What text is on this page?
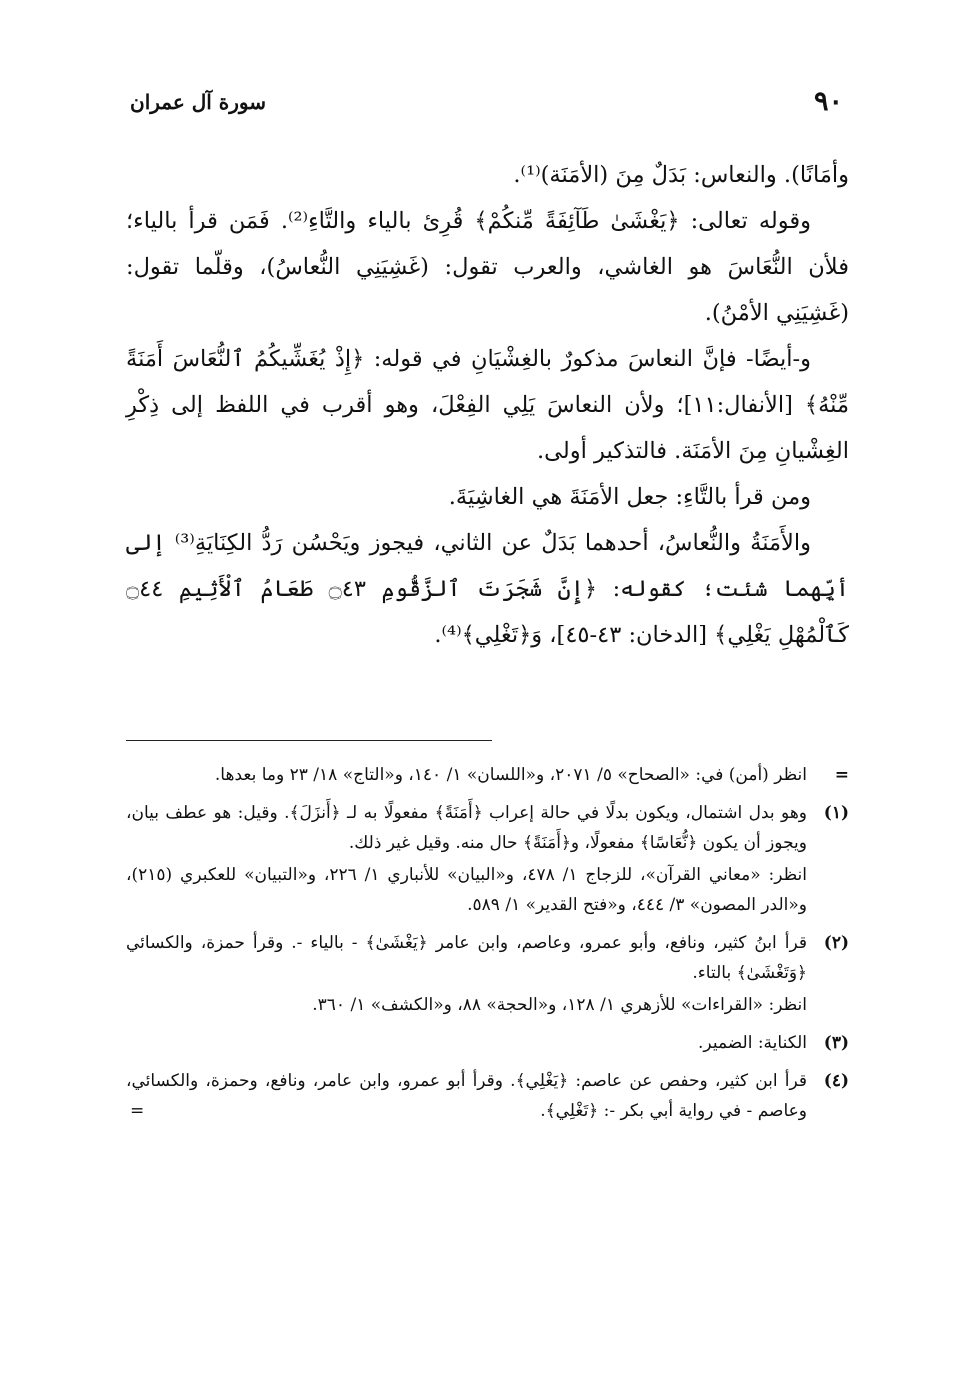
٩٠
سورة آل عمران

وأمَانًا). والنعاس: بَدَلٌ مِنَ (الأمَنَة)⁽¹⁾.

وقوله تعالى: ﴿يَغْشَىٰ طَآئِفَةً مِّنكُمْ﴾ قُرِئ بالياء والتَّاءِ⁽²⁾. فَمَن قرأ بالياء؛ فلأن النُّعَاسَ هو الغاشي، والعرب تقول: (غَشِيَنِي النُّعاسُ)، وقلّما تقول: (غَشِيَنِي الأمْنُ).

و-أيضًا- فإنَّ النعاسَ مذكورٌ بالغِشْيَانِ في قوله: ﴿إِذْ يُغَشِّيكُمُ ٱلنُّعَاسَ أَمَنَةً مِّنْهُ﴾ [الأنفال:١١]؛ ولأن النعاسَ يَلِي الفِعْلَ، وهو أقرب في اللفظ إلى ذِكْرِ الغِشْيانِ مِنَ الأمَنَة. فالتذكير أولى.

ومن قرأ بالتَّاءِ: جعل الأمَنَةَ هي الغاشِيَةَ.

والأَمَنَةُ والنُّعاسُ، أحدهما بَدَلٌ عن الثاني، فيجوز ويَحْسُن رَدُّ الكِنَايَةِ⁽³⁾ إلى أيِّهما شئت؛ كقوله: ﴿إِنَّ شَجَرَتَ ٱلزَّقُّومِ ۝٤٣ طَعَامُ ٱلْأَثِيمِ ۝٤٤ كَٱلْمُهْلِ يَغْلِي﴾ [الدخان: ٤٣-٤٥]، وَ﴿تَغْلِي﴾⁽⁴⁾.

=

انظر (أمن) في: «الصحاح» ٥/ ٢٠٧١، و«اللسان» ١/ ١٤٠، و«التاج» ١٨/ ٢٣ وما بعدها.

(١)

وهو بدل اشتمال، ويكون بدلًا في حالة إعراب ﴿أَمَنَةً﴾ مفعولًا به لـ ﴿أَنزَلَ﴾. وقيل: هو عطف بيان، ويجوز أن يكون ﴿نُّعَاسًا﴾ مفعولًا، و﴿أَمَنَةً﴾ حال منه. وقيل غير ذلك.

انظر: «معاني القرآن»، للزجاج ١/ ٤٧٨، و«البيان» للأنباري ١/ ٢٢٦، و«التبيان» للعكبري (٢١٥)، و«الدر المصون» ٣/ ٤٤٤، و«فتح القدير» ١/ ٥٨٩.

(٢)

قرأ ابنُ كثير، ونافع، وأبو عمرو، وعاصم، وابن عامر ﴿يَغْشَىٰ﴾ - بالياء -. وقرأ حمزة، والكسائي ﴿وَتَغْشَىٰ﴾ بالتاء.

انظر: «القراءات» للأزهري ١/ ١٢٨، و«الحجة» ٨٨، و«الكشف» ١/ ٣٦٠.

(٣)

الكناية: الضمير.

(٤)

قرأ ابن كثير، وحفص عن عاصم: ﴿يَغْلِي﴾. وقرأ أبو عمرو، وابن عامر، ونافع، وحمزة، والكسائي، وعاصم - في رواية أبي بكر -: ﴿تَغْلِي﴾.

=
